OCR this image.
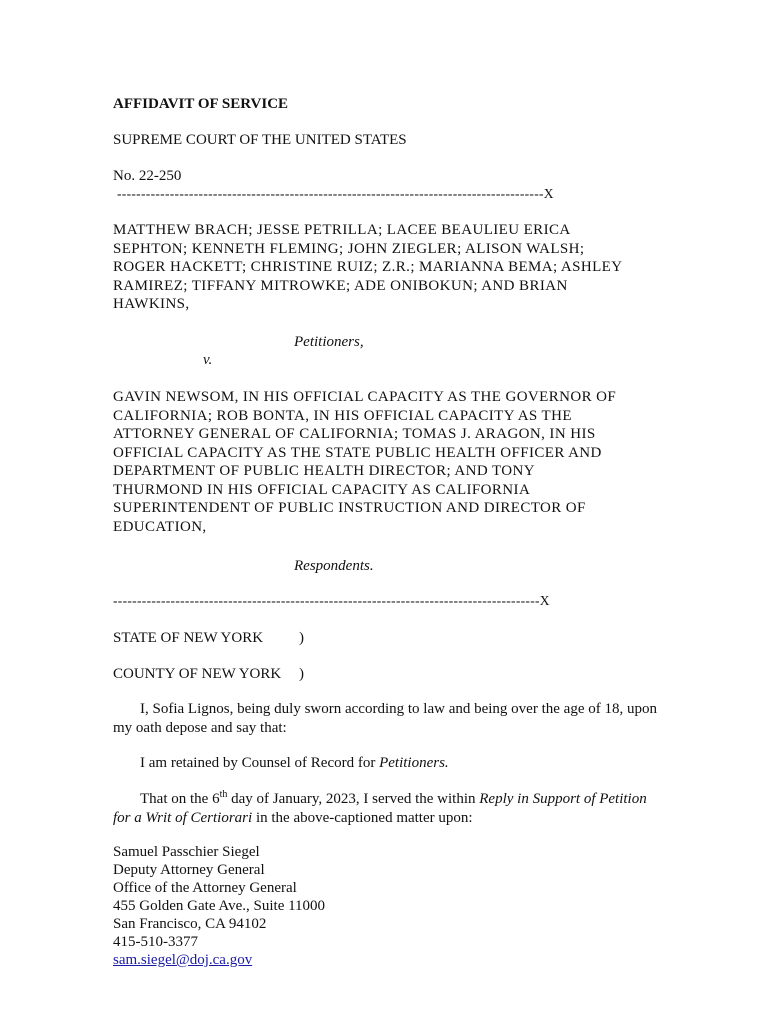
AFFIDAVIT OF SERVICE
SUPREME COURT OF THE UNITED STATES
No. 22-250
-----------------------------------------------------------------------------------------X
MATTHEW BRACH; JESSE PETRILLA; LACEE BEAULIEU ERICA
SEPHTON; KENNETH FLEMING; JOHN ZIEGLER; ALISON WALSH;
ROGER HACKETT; CHRISTINE RUIZ; Z.R.; MARIANNA BEMA; ASHLEY
RAMIREZ; TIFFANY MITROWKE; ADE ONIBOKUN; AND BRIAN
HAWKINS,
Petitioners,
v.
GAVIN NEWSOM, IN HIS OFFICIAL CAPACITY AS THE GOVERNOR OF
CALIFORNIA; ROB BONTA, IN HIS OFFICIAL CAPACITY AS THE
ATTORNEY GENERAL OF CALIFORNIA; TOMAS J. ARAGON, IN HIS
OFFICIAL CAPACITY AS THE STATE PUBLIC HEALTH OFFICER AND
DEPARTMENT OF PUBLIC HEALTH DIRECTOR; AND TONY
THURMOND IN HIS OFFICIAL CAPACITY AS CALIFORNIA
SUPERINTENDENT OF PUBLIC INSTRUCTION AND DIRECTOR OF
EDUCATION,
Respondents.
-----------------------------------------------------------------------------------------X
STATE OF NEW YORK )
COUNTY OF NEW YORK )
I, Sofia Lignos, being duly sworn according to law and being over the age of 18, upon my oath depose and say that:
I am retained by Counsel of Record for Petitioners.
That on the 6th day of January, 2023, I served the within Reply in Support of Petition for a Writ of Certiorari in the above-captioned matter upon:
Samuel Passchier Siegel
Deputy Attorney General
Office of the Attorney General
455 Golden Gate Ave., Suite 11000
San Francisco, CA 94102
415-510-3377
sam.siegel@doj.ca.gov
